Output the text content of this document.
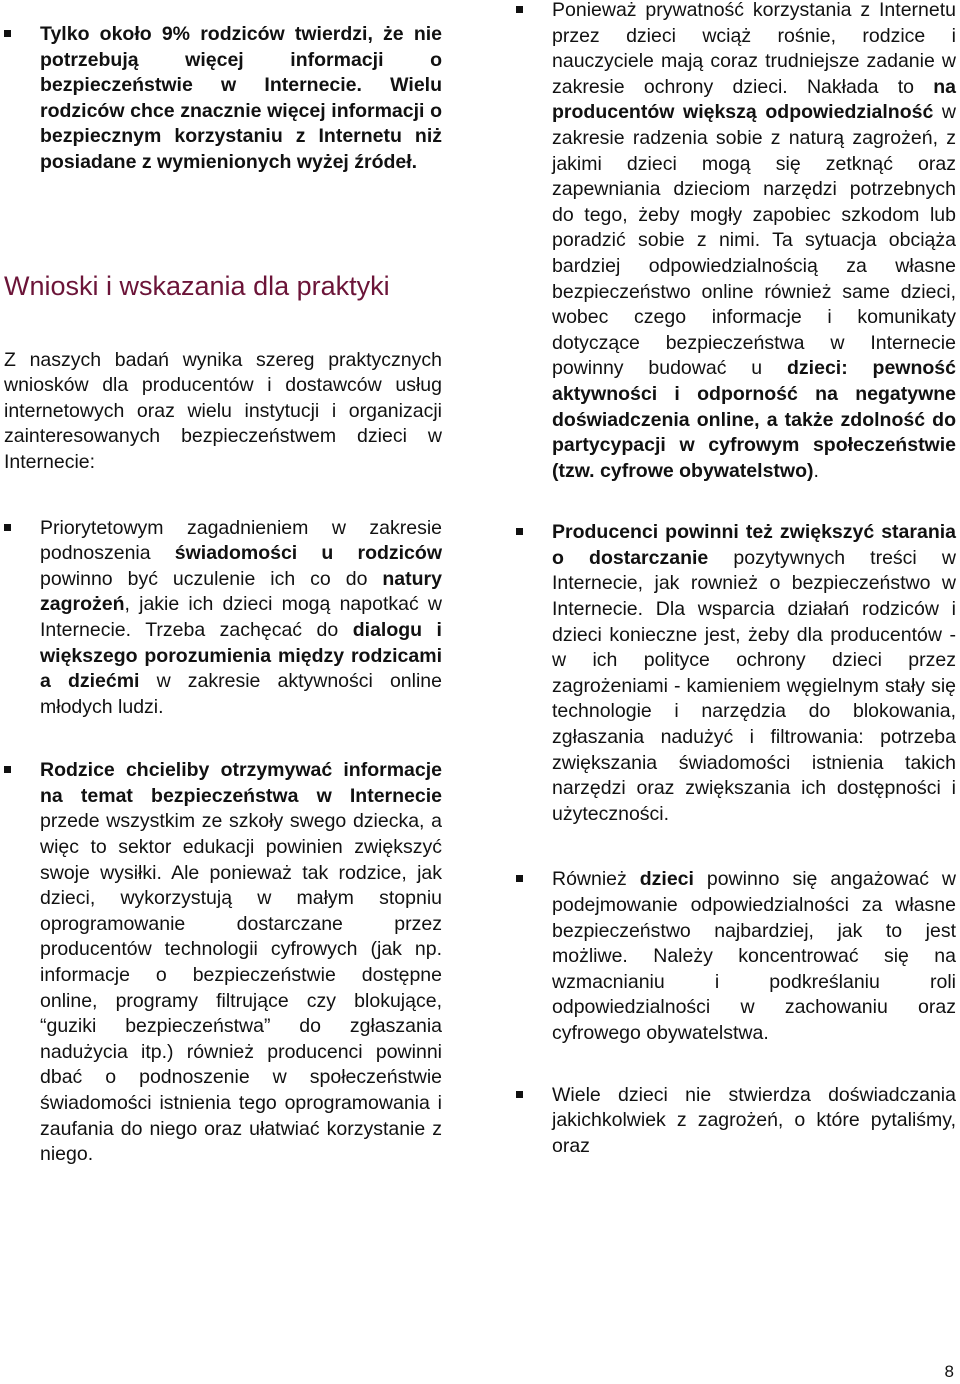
Tylko około 9% rodziców twierdzi, że nie potrzebują więcej informacji o bezpieczeństwie w Internecie. Wielu rodziców chce znacznie więcej informacji o bezpiecznym korzystaniu z Internetu niż posiadane z wymienionych wyżej źródeł.
Wnioski i wskazania dla praktyki
Z naszych badań wynika szereg praktycznych wniosków dla producentów i dostawców usług internetowych oraz wielu instytucji i organizacji zainteresowanych bezpieczeństwem dzieci w Internecie:
Priorytetowym zagadnieniem w zakresie podnoszenia świadomości u rodziców powinno być uczulenie ich co do natury zagrożeń, jakie ich dzieci mogą napotkać w Internecie. Trzeba zachęcać do dialogu i większego porozumienia między rodzicami a dziećmi w zakresie aktywności online młodych ludzi.
Rodzice chcieliby otrzymywać informacje na temat bezpieczeństwa w Internecie przede wszystkim ze szkoły swego dziecka, a więc to sektor edukacji powinien zwiększyć swoje wysiłki. Ale ponieważ tak rodzice, jak dzieci, wykorzystują w małym stopniu oprogramowanie dostarczane przez producentów technologii cyfrowych (jak np. informacje o bezpieczeństwie dostępne online, programy filtrujące czy blokujące, “guziki bezpieczeństwa” do zgłaszania nadużycia itp.) również producenci powinni dbać o podnoszenie w społeczeństwie świadomości istnienia tego oprogramowania i zaufania do niego oraz ułatwiać korzystanie z niego.
Ponieważ prywatność korzystania z Internetu przez dzieci wciąż rośnie, rodzice i nauczyciele mają coraz trudniejsze zadanie w zakresie ochrony dzieci. Nakłada to na producentów większą odpowiedzialność w zakresie radzenia sobie z naturą zagrożeń, z jakimi dzieci mogą się zetknąć oraz zapewniania dzieciom narzędzi potrzebnych do tego, żeby mogły zapobiec szkodom lub poradzić sobie z nimi. Ta sytuacja obciąża bardziej odpowiedzialnością za własne bezpieczeństwo online również same dzieci, wobec czego informacje i komunikaty dotyczące bezpieczeństwa w Internecie powinny budować u dzieci: pewność aktywności i odporność na negatywne doświadczenia online, a także zdolność do partycypacji w cyfrowym społeczeństwie (tzw. cyfrowe obywatelstwo).
Producenci powinni też zwiększyć starania o dostarczanie pozytywnych treści w Internecie, jak rownież o bezpieczeństwo w Internecie. Dla wsparcia działań rodziców i dzieci konieczne jest, żeby dla producentów - w ich polityce ochrony dzieci przez zagrożeniami - kamieniem węgielnym stały się technologie i narzędzia do blokowania, zgłaszania nadużyć i filtrowania: potrzeba zwiększania świadomości istnienia takich narzędzi oraz zwiększania ich dostępności i użyteczności.
Również dzieci powinno się angażować w podejmowanie odpowiedzialności za własne bezpieczeństwo najbardziej, jak to jest możliwe. Należy koncentrować się na wzmacnianiu i podkreślaniu roli odpowiedzialności w zachowaniu oraz cyfrowego obywatelstwa.
Wiele dzieci nie stwierdza doświadczania jakichkolwiek z zagrożeń, o które pytaliśmy, oraz
8
